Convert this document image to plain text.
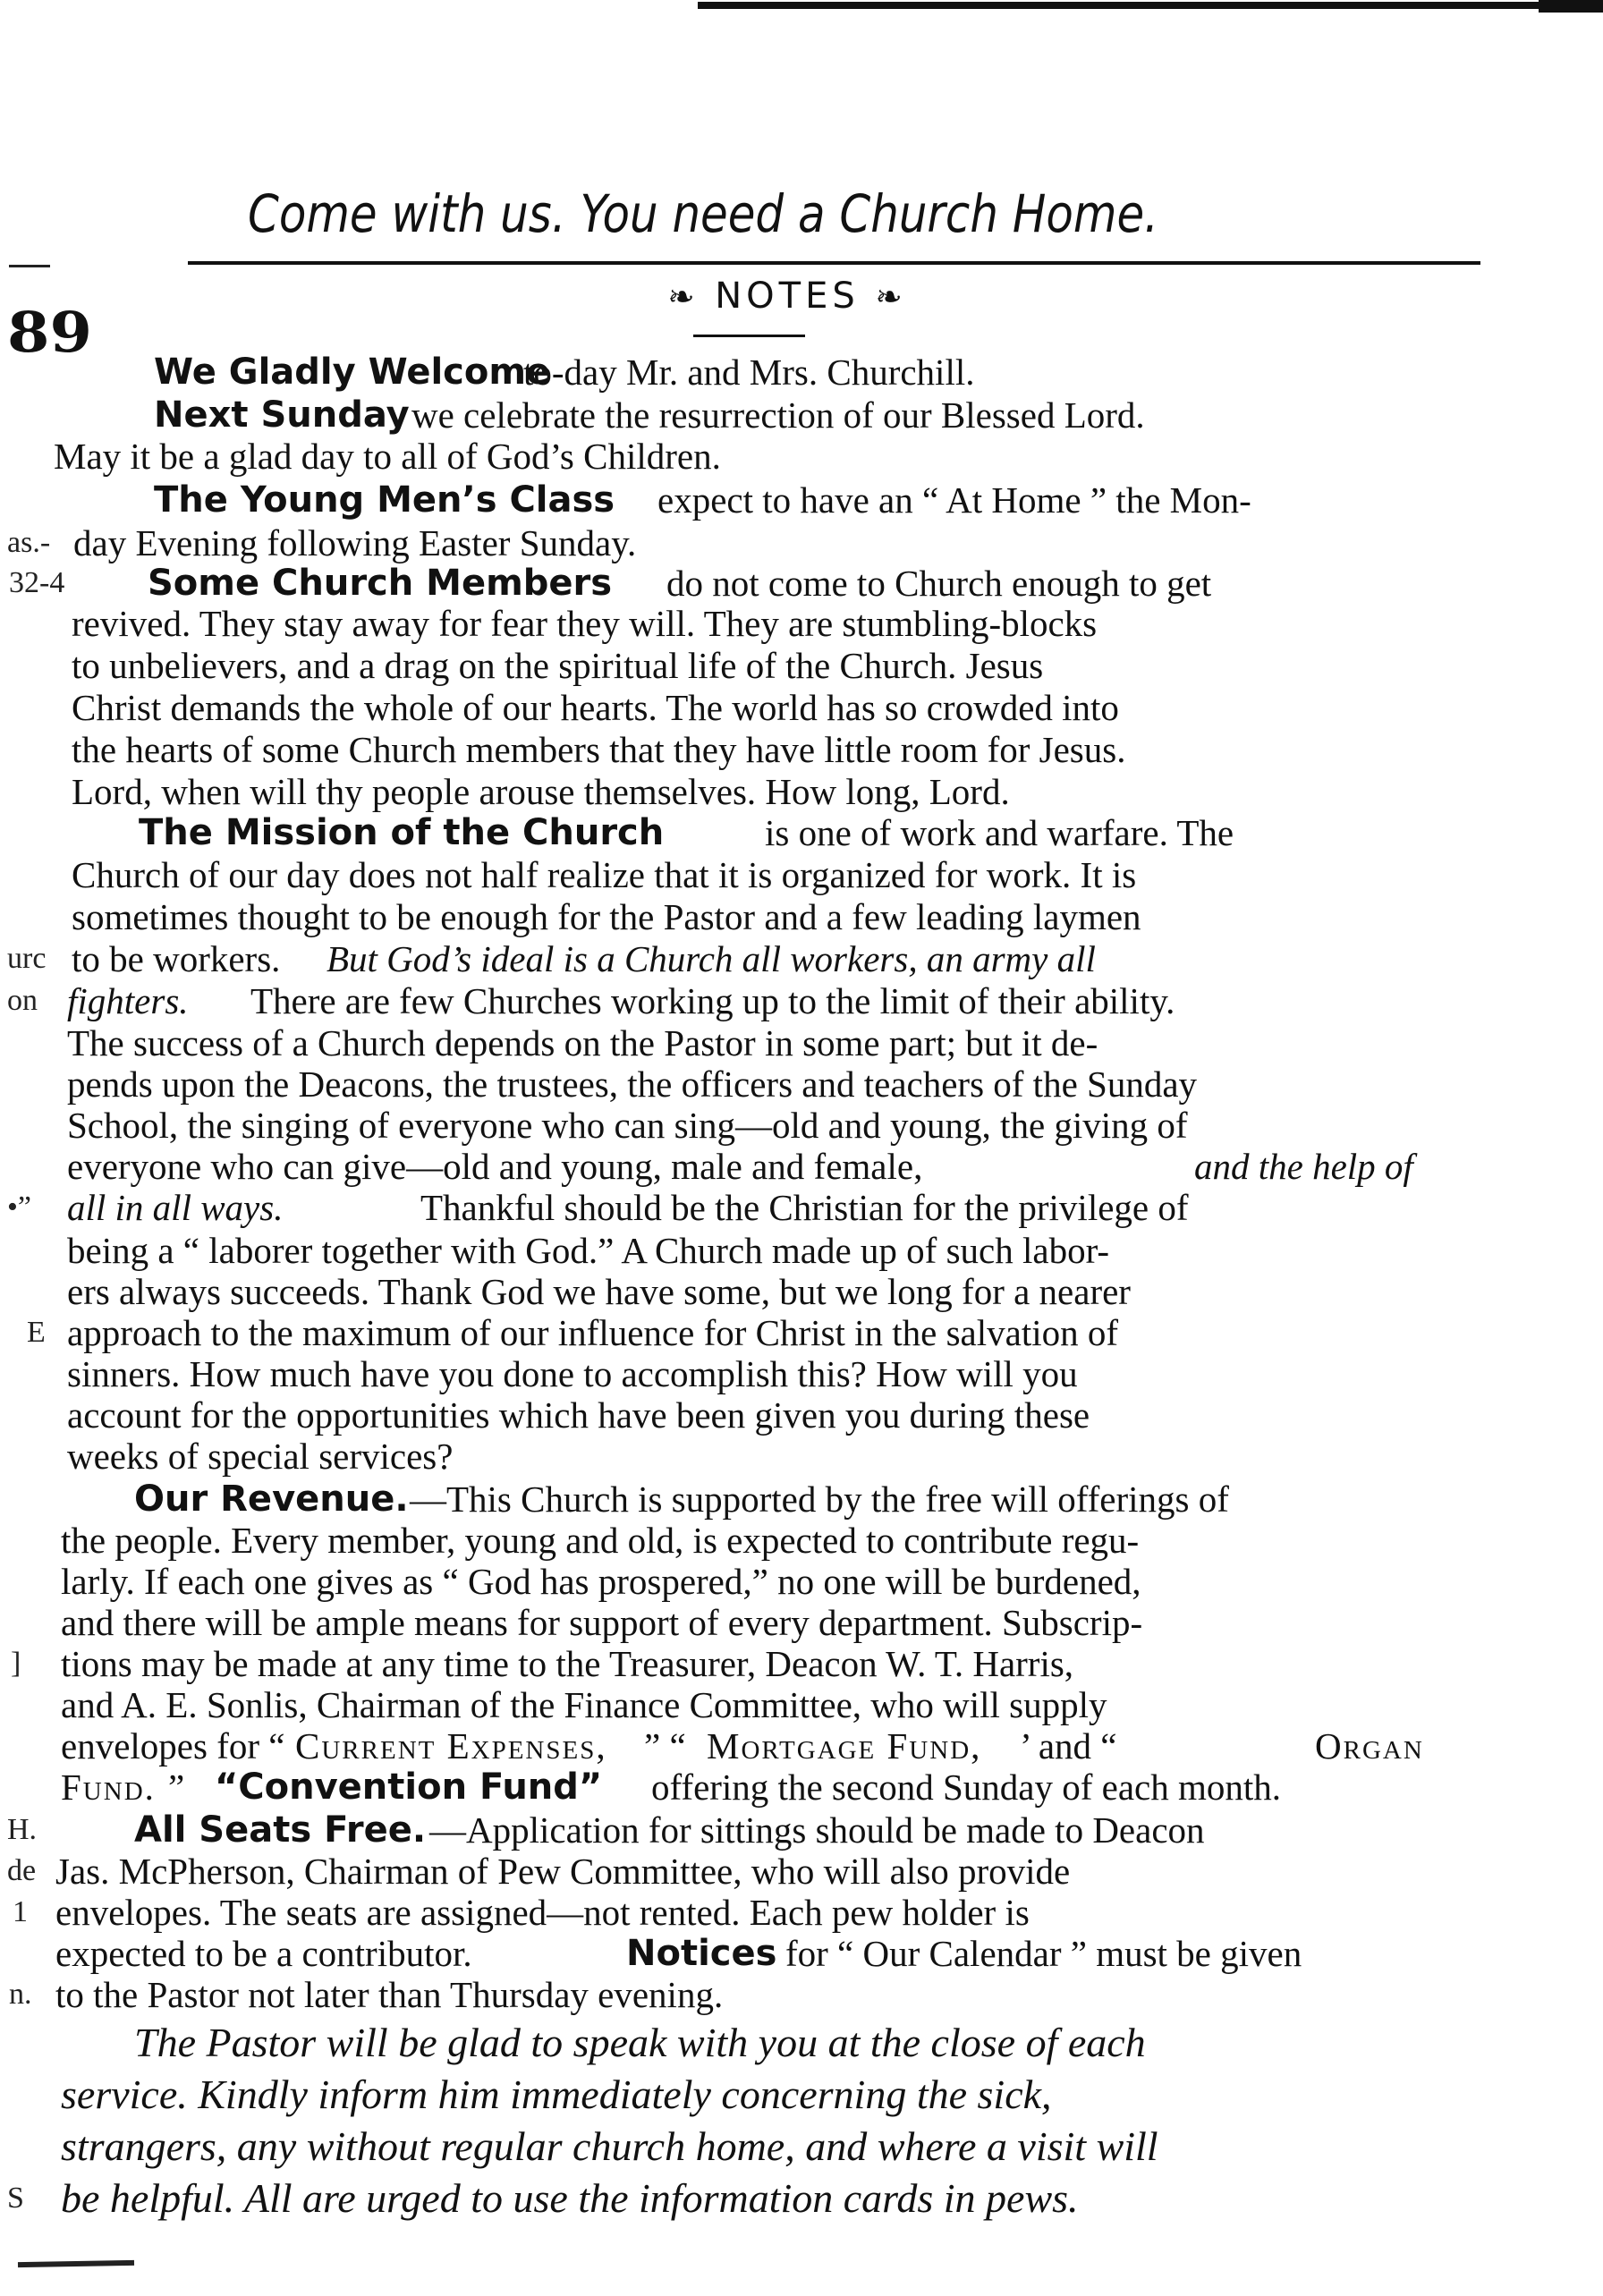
Come with us. You need a Church Home.
❧ NOTES ❧
89
We Gladly Welcome
to-day Mr. and Mrs. Churchill.
Next Sunday we celebrate the resurrection of our Blessed Lord.
May it be a glad day to all of God’s Children.
The Young Men’s Class expect to have an “ At Home ” the Mon-
as.- day Evening following Easter Sunday.
32-4 Some Church Members do not come to Church enough to get
revived. They stay away for fear they will. They are stumbling-blocks
to unbelievers, and a drag on the spiritual life of the Church. Jesus
Christ demands the whole of our hearts. The world has so crowded into
the hearts of some Church members that they have little room for Jesus.
Lord, when will thy people arouse themselves. How long, Lord.
The Mission of the Church	is one of work and warfare. The
Church of our day does not half realize that it is organized for work. It is
sometimes thought to be enough for the Pastor and a few leading laymen
urc to be workers. But God’s ideal is a Church all workers, an army all
on fighters. There are few Churches working up to the limit of their ability.
The success of a Church depends on the Pastor in some part; but it de-
pends upon the Deacons, the trustees, the officers and teachers of the Sunday
School, the singing of everyone who can sing—old and young, the giving of
everyone who can give—old and young, male and female,	and the help of
•” all in all ways.	Thankful should be the Christian for the privilege of
being a “ laborer together with God.” A Church made up of such labor-
ers always succeeds. Thank God we have some, but we long for a nearer
E approach to the maximum of our influence for Christ in the salvation of
sinners. How much have you done to accomplish this? How will you
account for the opportunities which have been given you during these
weeks of special services?
Our Revenue. —This Church is supported by the free will offerings of
the people. Every member, young and old, is expected to contribute regu-
larly. If each one gives as “ God has prospered,” no one will be burdened,
and there will be ample means for support of every department. Subscrip-
] tions may be made at any time to the Treasurer, Deacon W. T. Harris,
and A. E. Sonlis, Chairman of the Finance Committee, who will supply
envelopes for “ Current Expenses, ” “ Mortgage Fund, ’ and “	Organ
Fund. ” “Convention Fund” offering the second Sunday of each month.
H.	All Seats Free. —Application for sittings should be made to Deacon
de Jas. McPherson, Chairman of Pew Committee, who will also provide
1 envelopes. The seats are assigned—not rented. Each pew holder is
expected to be a contributor.	Notices for “ Our Calendar ” must be given
n. to the Pastor not later than Thursday evening.
The Pastor will be glad to speak with you at the close of each
service. Kindly inform him immediately concerning the sick,
strangers, any without regular church home, and where a visit will
S be helpful. All are urged to use the information cards in pews.
